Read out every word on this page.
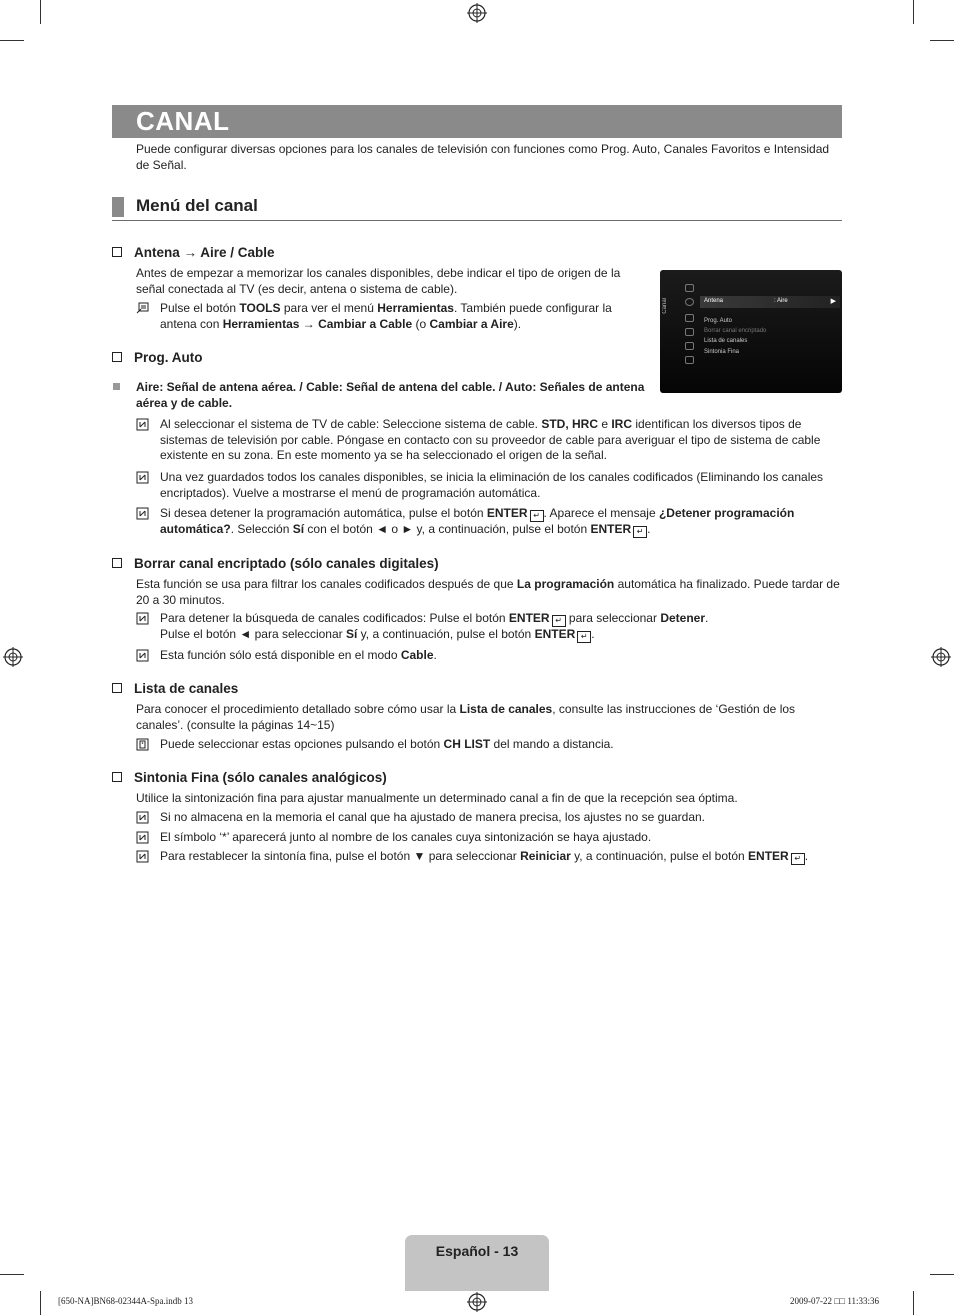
CANAL
Puede configurar diversas opciones para los canales de televisión con funciones como Prog. Auto, Canales Favoritos e Intensidad de Señal.
Menú del canal
Antena → Aire / Cable
Antes de empezar a memorizar los canales disponibles, debe indicar el tipo de origen de la señal conectada al TV (es decir, antena o sistema de cable).
Pulse el botón TOOLS para ver el menú Herramientas. También puede configurar la antena con Herramientas → Cambiar a Cable (o Cambiar a Aire).
Canal	Antena	: Aire	▶
Prog. Auto
Borrar canal encriptado
Lista de canales
Sintonia Fina
Prog. Auto
Aire: Señal de antena aérea. / Cable: Señal de antena del cable. / Auto: Señales de antena aérea y de cable.
Al seleccionar el sistema de TV de cable: Seleccione sistema de cable. STD, HRC e IRC identifican los diversos tipos de sistemas de televisión por cable. Póngase en contacto con su proveedor de cable para averiguar el tipo de sistema de cable existente en su zona. En este momento ya se ha seleccionado el origen de la señal.
Una vez guardados todos los canales disponibles, se inicia la eliminación de los canales codificados (Eliminando los canales encriptados). Vuelve a mostrarse el menú de programación automática.
Si desea detener la programación automática, pulse el botón ENTER ↵ . Aparece el mensaje ¿Detener programación automática?. Selección Sí con el botón ◄ o ► y, a continuación, pulse el botón ENTER ↵ .
Borrar canal encriptado (sólo canales digitales)
Esta función se usa para filtrar los canales codificados después de que La programación automática ha finalizado. Puede tardar de 20 a 30 minutos.
Para detener la búsqueda de canales codificados: Pulse el botón ENTER ↵ para seleccionar Detener.
Pulse el botón ◄ para seleccionar Sí y, a continuación, pulse el botón ENTER ↵ .
Esta función sólo está disponible en el modo Cable.
Lista de canales
Para conocer el procedimiento detallado sobre cómo usar la Lista de canales, consulte las instrucciones de ‘Gestión de los canales’. (consulte la páginas 14~15)
Puede seleccionar estas opciones pulsando el botón CH LIST del mando a distancia.
Sintonia Fina (sólo canales analógicos)
Utilice la sintonización fina para ajustar manualmente un determinado canal a fin de que la recepción sea óptima.
Si no almacena en la memoria el canal que ha ajustado de manera precisa, los ajustes no se guardan.
El símbolo ‘*’ aparecerá junto al nombre de los canales cuya sintonización se haya ajustado.
Para restablecer la sintonía fina, pulse el botón ▼ para seleccionar Reiniciar y, a continuación, pulse el botón ENTER ↵ .
Español - 13
[650-NA]BN68-02344A-Spa.indb 13	2009-07-22 □□ 11:33:36
